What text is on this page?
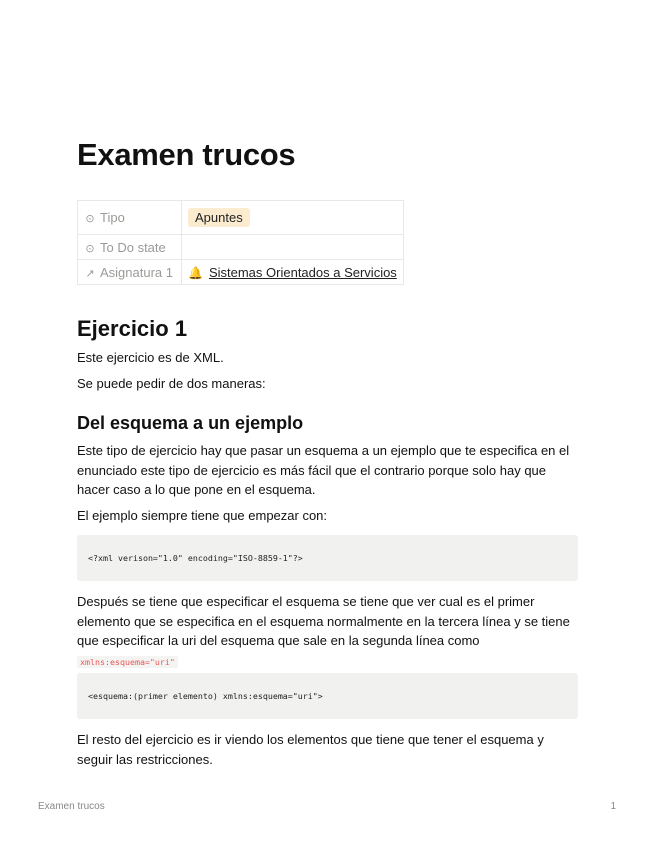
Examen trucos
⊙ Tipo	Apuntes
⊙ To Do state	
↗ Asignatura 1	🔔 Sistemas Orientados a Servicios
Ejercicio 1

Este ejercicio es de XML.

Se puede pedir de dos maneras:

Del esquema a un ejemplo

Este tipo de ejercicio hay que pasar un esquema a un ejemplo que te especifica en el enunciado este tipo de ejercicio es más fácil que el contrario porque solo hay que hacer caso a lo que pone en el esquema.

El ejemplo siempre tiene que empezar con:

<?xml verison="1.0" encoding="ISO-8859-1"?>

Después se tiene que especificar el esquema se tiene que ver cual es el primer elemento que se especifica en el esquema normalmente en la tercera línea y se tiene que especificar la uri del esquema que sale en la segunda línea como
xmlns:esquema="uri"

<esquema:(primer elemento) xmlns:esquema="uri">

El resto del ejercicio es ir viendo los elementos que tiene que tener el esquema y seguir las restricciones.

Examen trucos	1
